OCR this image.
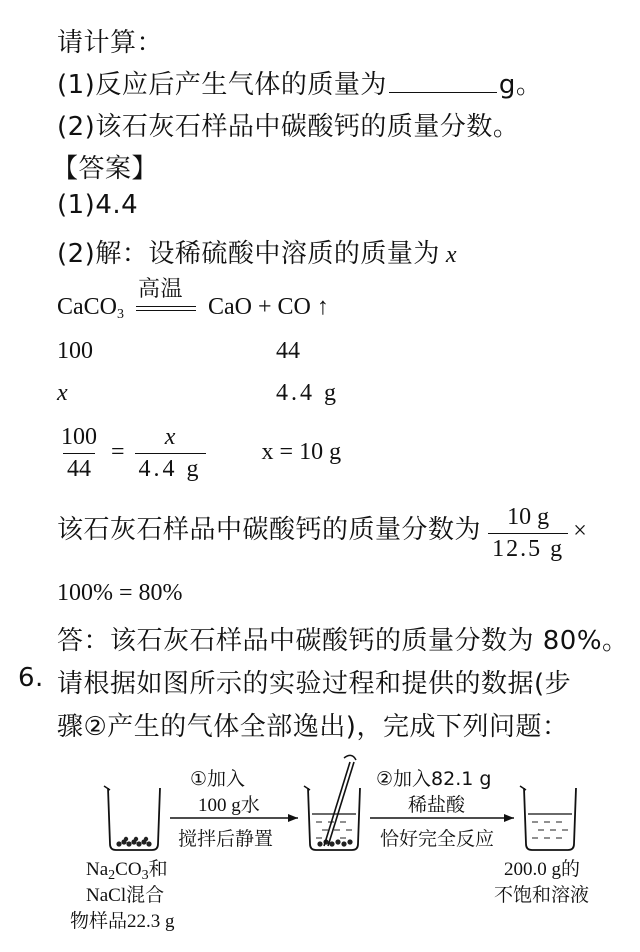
请计算：
(1)反应后产生气体的质量为	g。
(2)该石灰石样品中碳酸钙的质量分数。
【答案】
(1)4.4
(2)解：设稀硫酸中溶质的质量为 x
CaCO$_3$
高温
CaO + CO ↑
100	44
x	4.4 g
$\frac{100}{44} = \frac{x}{4.4 g}$ x = 10 g
该石灰石样品中碳酸钙的质量分数为 $\frac{10 g}{12.5 g}$ ×
100% = 80%
答：该石灰石样品中碳酸钙的质量分数为 80%。
6. 请根据如图所示的实验过程和提供的数据(步
骤②产生的气体全部逸出)，完成下列问题：
①加入
100 g水
搅拌后静置
②加入82.1 g
稀盐酸
恰好完全反应
$Na_2CO_3$和
NaCl混合
物样品22.3 g
200.0 g的
不饱和溶液
